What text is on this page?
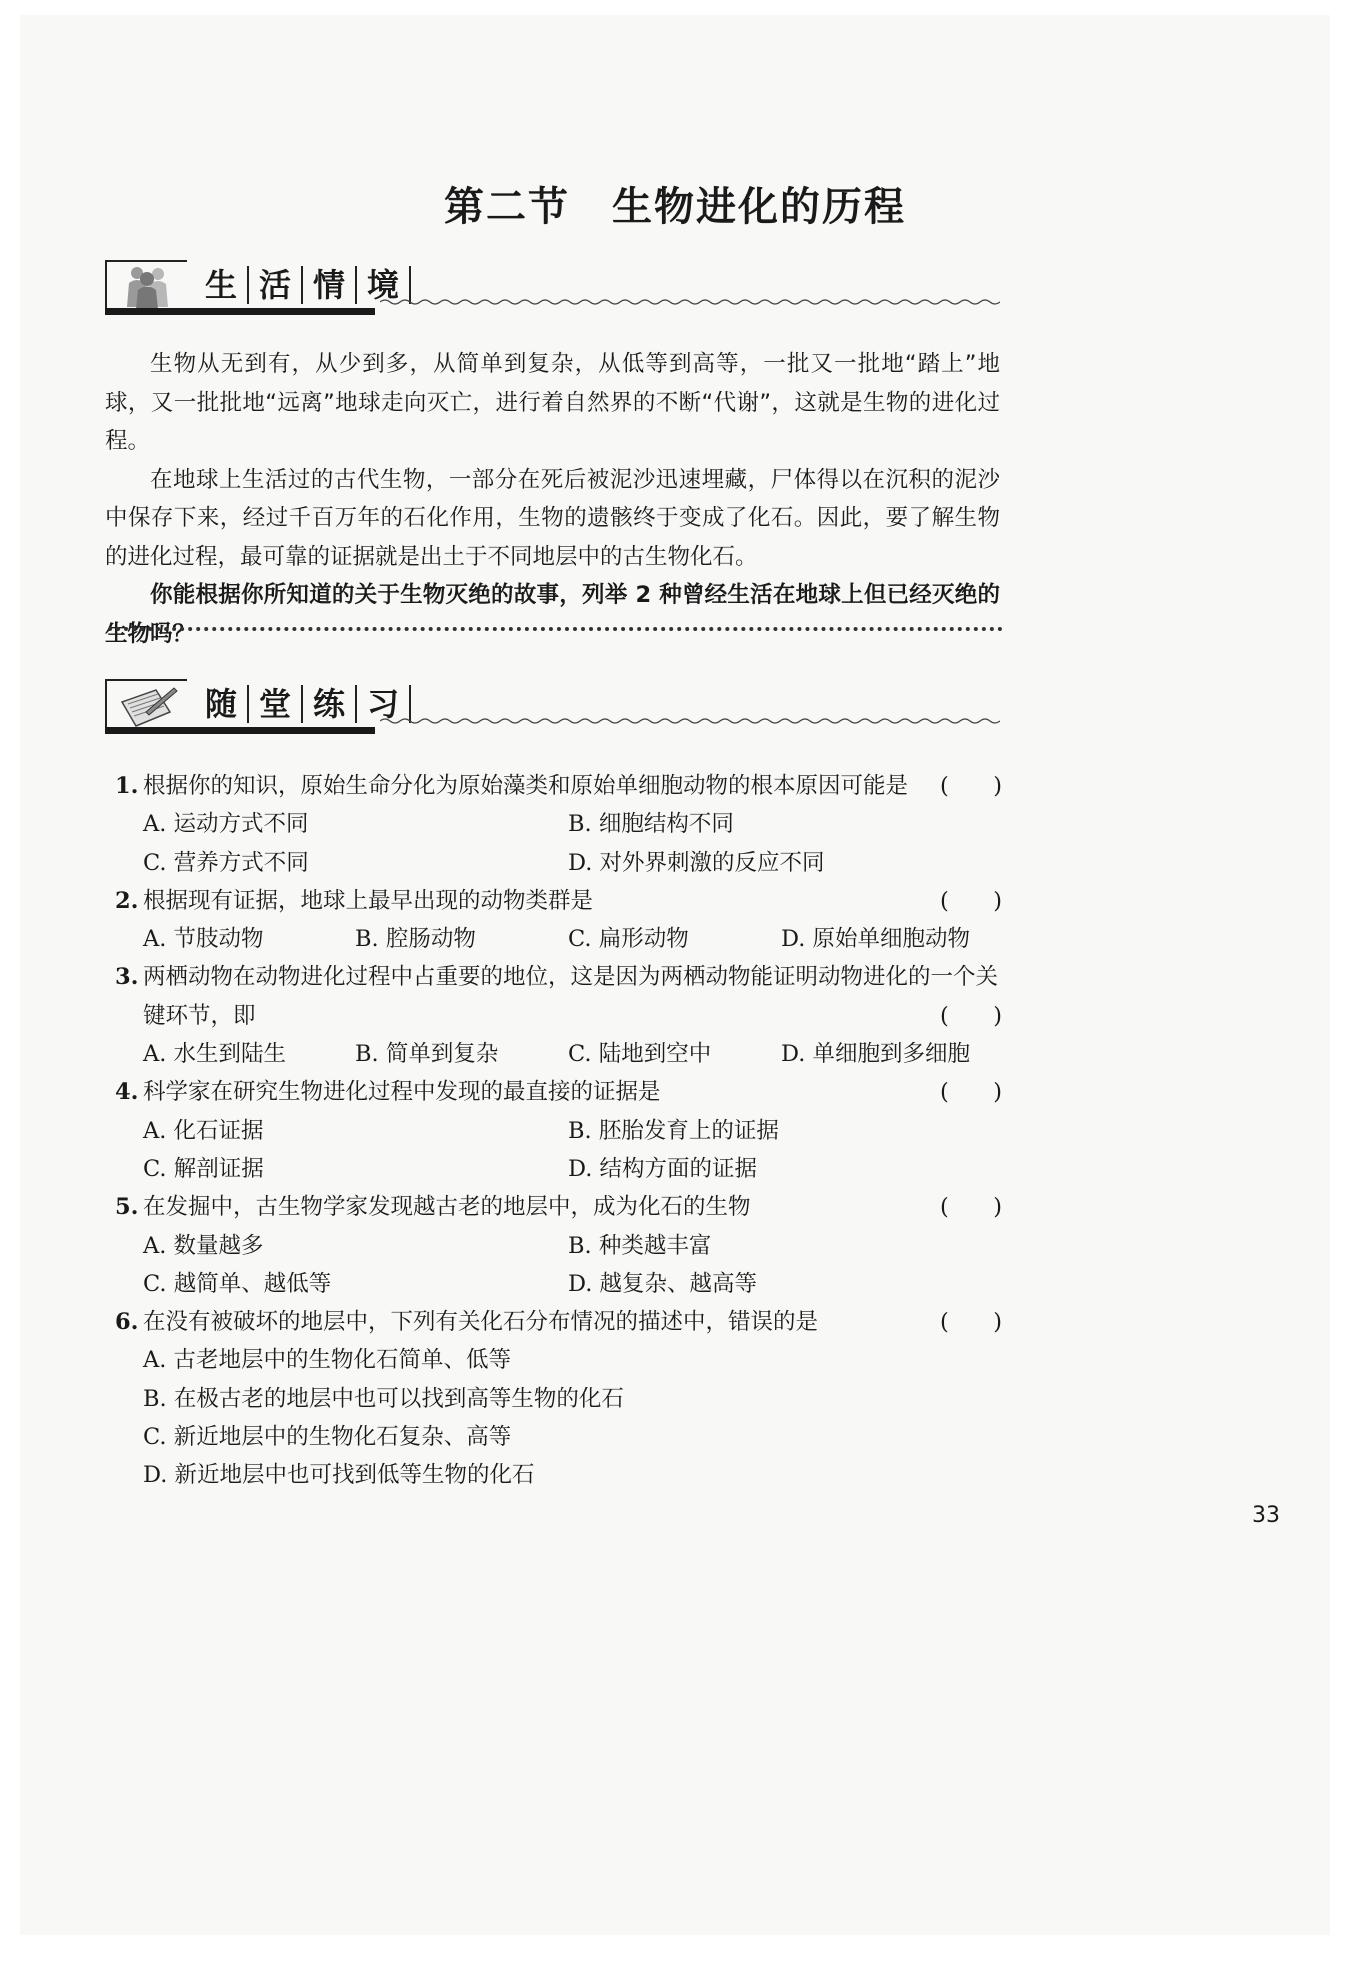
第二节　生物进化的历程
生 活 情 境

生物从无到有，从少到多，从简单到复杂，从低等到高等，一批又一批地“踏上”地球，又一批批地“远离”地球走向灭亡，进行着自然界的不断“代谢”，这就是生物的进化过程。

在地球上生活过的古代生物，一部分在死后被泥沙迅速埋藏，尸体得以在沉积的泥沙中保存下来，经过千百万年的石化作用，生物的遗骸终于变成了化石。因此，要了解生物的进化过程，最可靠的证据就是出土于不同地层中的古生物化石。

你能根据你所知道的关于生物灭绝的故事，列举 2 种曾经生活在地球上但已经灭绝的生物吗？

随 堂 练 习
1. 根据你的知识，原始生命分化为原始藻类和原始单细胞动物的根本原因可能是 ( )
A. 运动方式不同	B. 细胞结构不同
C. 营养方式不同	D. 对外界刺激的反应不同
2. 根据现有证据，地球上最早出现的动物类群是	( )
A. 节肢动物	B. 腔肠动物	C. 扁形动物	D. 原始单细胞动物
3. 两栖动物在动物进化过程中占重要的地位，这是因为两栖动物能证明动物进化的一个关
键环节，即	( )
A. 水生到陆生	B. 简单到复杂	C. 陆地到空中	D. 单细胞到多细胞
4. 科学家在研究生物进化过程中发现的最直接的证据是	( )
A. 化石证据	B. 胚胎发育上的证据
C. 解剖证据	D. 结构方面的证据
5. 在发掘中，古生物学家发现越古老的地层中，成为化石的生物	( )
A. 数量越多	B. 种类越丰富
C. 越简单、越低等	D. 越复杂、越高等
6. 在没有被破坏的地层中，下列有关化石分布情况的描述中，错误的是	( )
A. 古老地层中的生物化石简单、低等
B. 在极古老的地层中也可以找到高等生物的化石
C. 新近地层中的生物化石复杂、高等
D. 新近地层中也可找到低等生物的化石
33
